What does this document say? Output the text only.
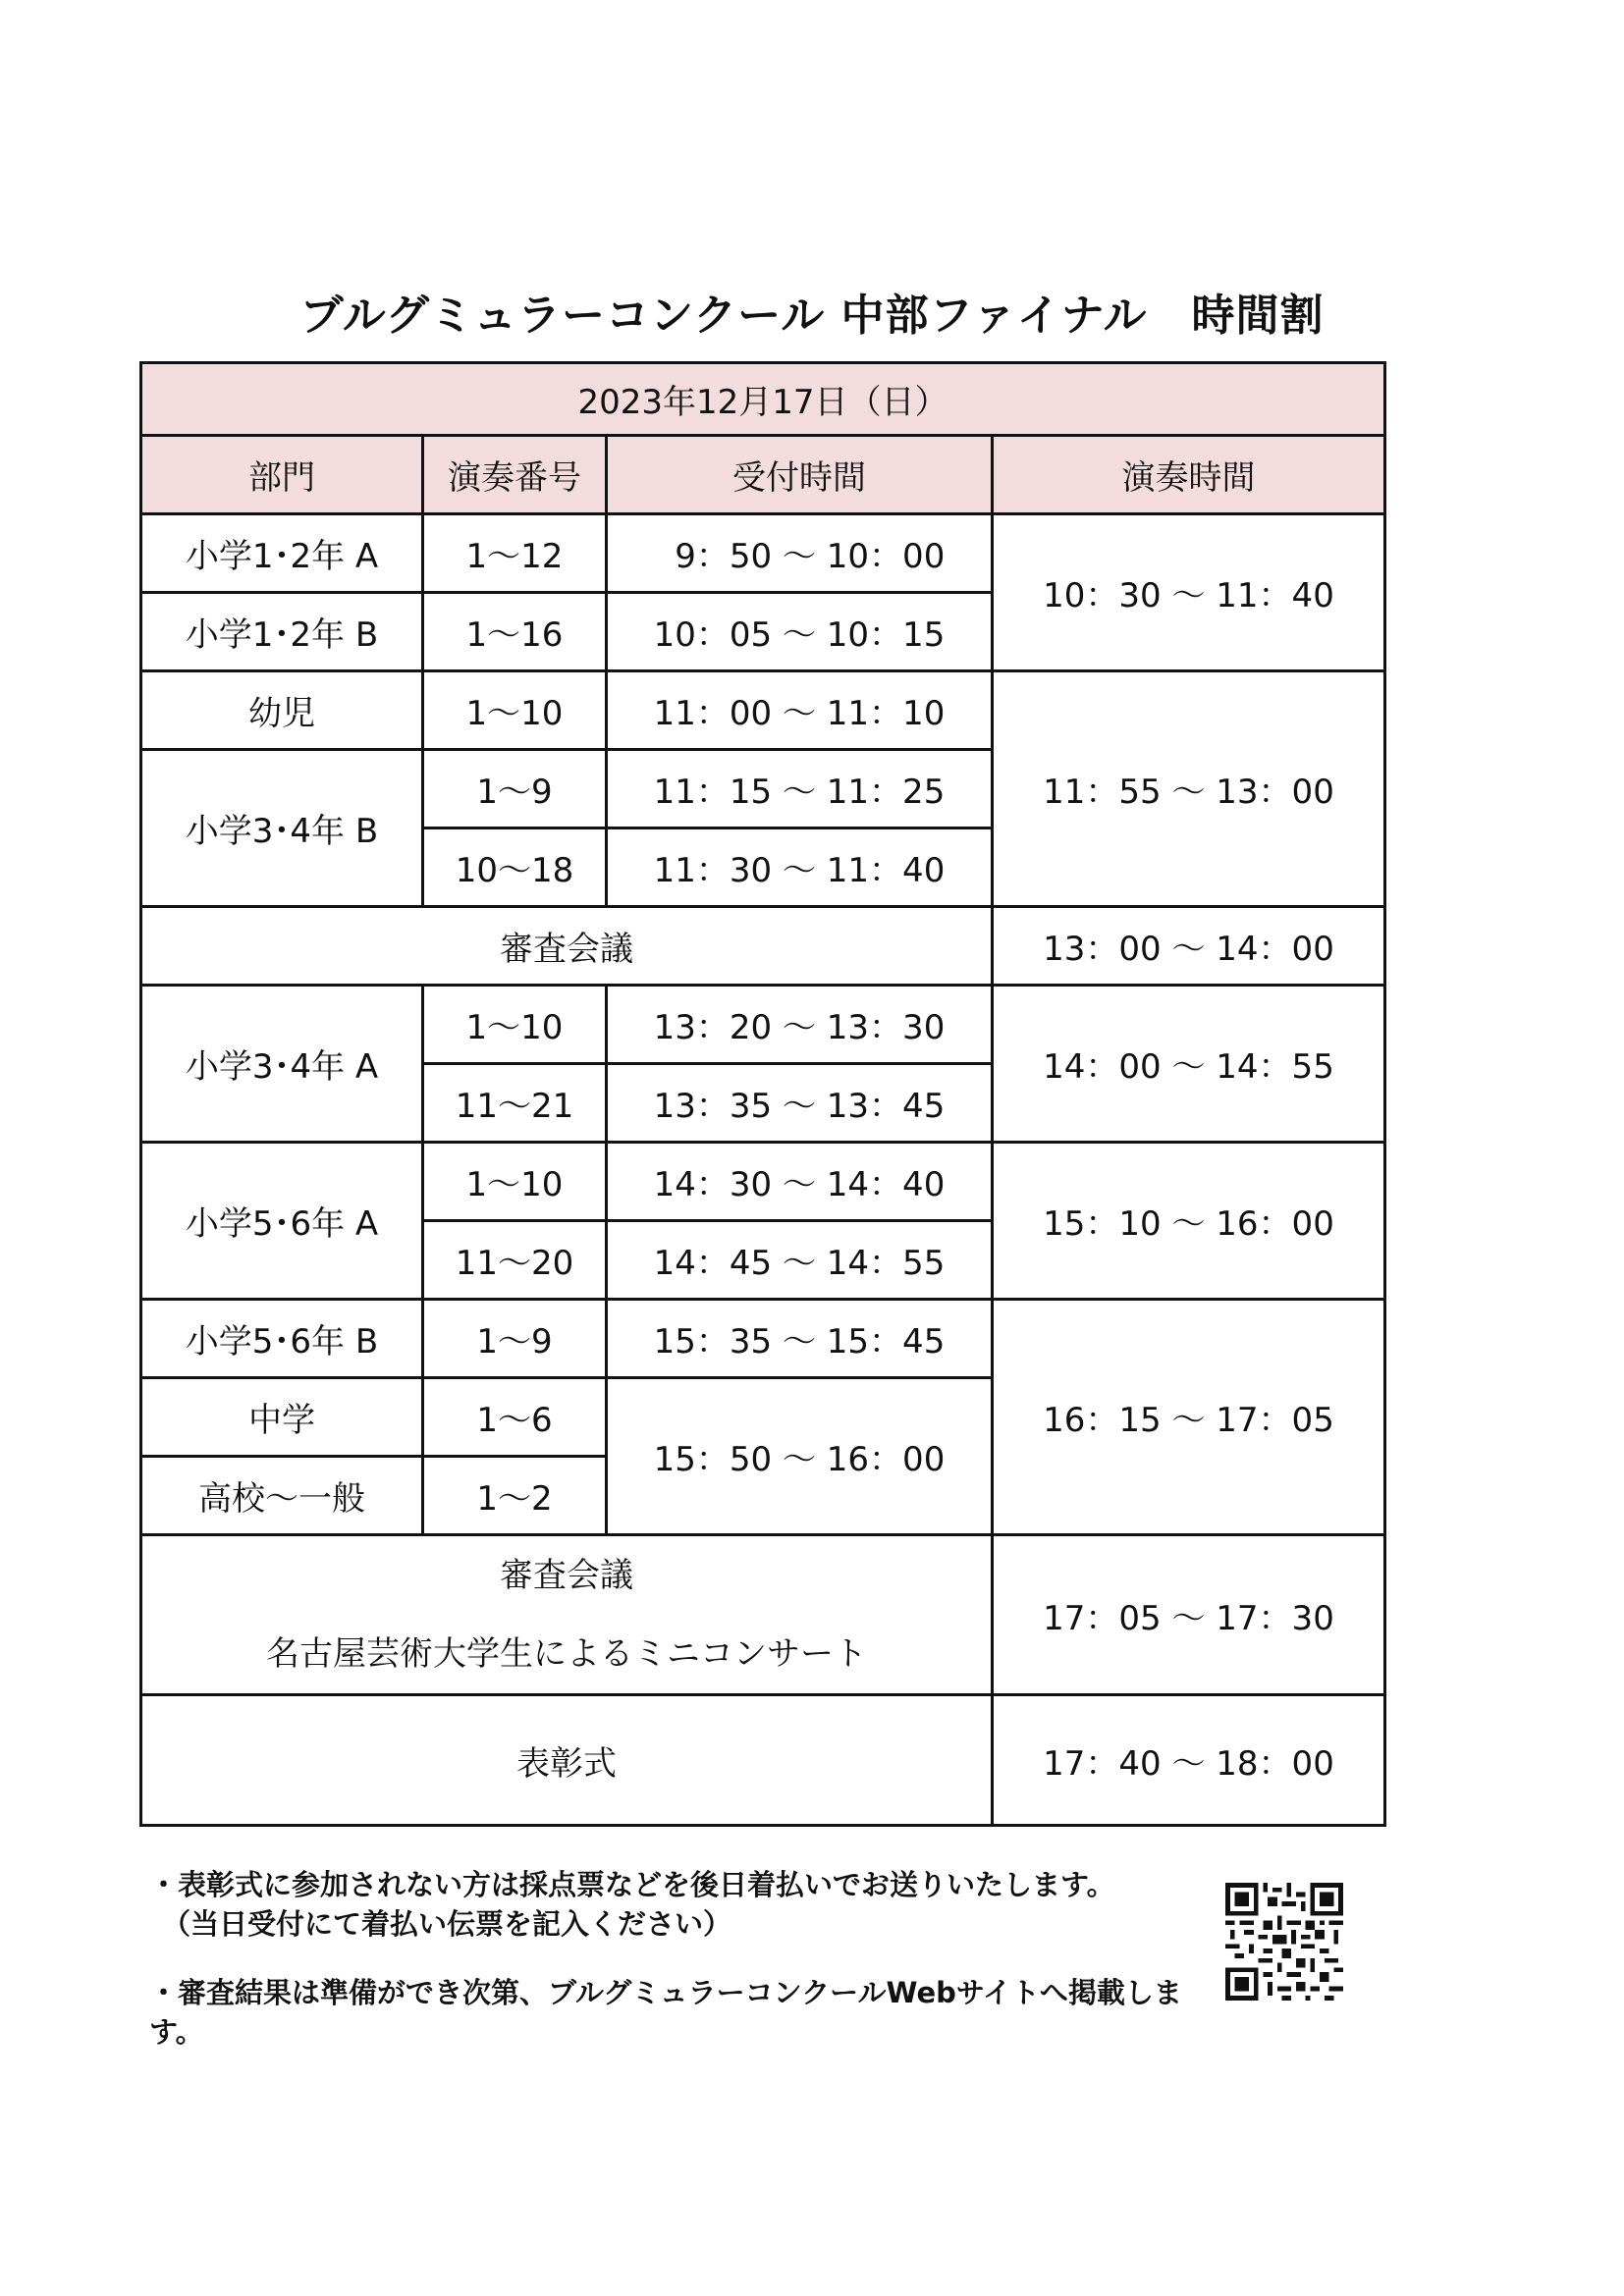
ブルグミュラーコンクール 中部ファイナル　時間割
2023年12月17日（日）			
部門	演奏番号	受付時間	演奏時間
小学1･2年 A	1～12	9：50 ～ 10：00	10：30 ～ 11：40
小学1･2年 B	1～16	10：05 ～ 10：15	
幼児	1～10	11：00 ～ 11：10	11：55 ～ 13：00
小学3･4年 B	1～9	11：15 ～ 11：25	
	10～18	11：30 ～ 11：40	
審査会議			13：00 ～ 14：00
小学3･4年 A	1～10	13：20 ～ 13：30	14：00 ～ 14：55
	11～21	13：35 ～ 13：45	
小学5･6年 A	1～10	14：30 ～ 14：40	15：10 ～ 16：00
	11～20	14：45 ～ 14：55	
小学5･6年 B	1～9	15：35 ～ 15：45	16：15 ～ 17：05
中学	1～6	15：50 ～ 16：00	
高校～一般	1～2		

審査会議
名古屋芸術大学生によるミニコンサート			17：05 ～ 17：30
表彰式			17：40 ～ 18：00
・表彰式に参加されない方は採点票などを後日着払いでお送りいたします。
（当日受付にて着払い伝票を記入ください）
・審査結果は準備ができ次第、ブルグミュラーコンクールWebサイトへ掲載します。
